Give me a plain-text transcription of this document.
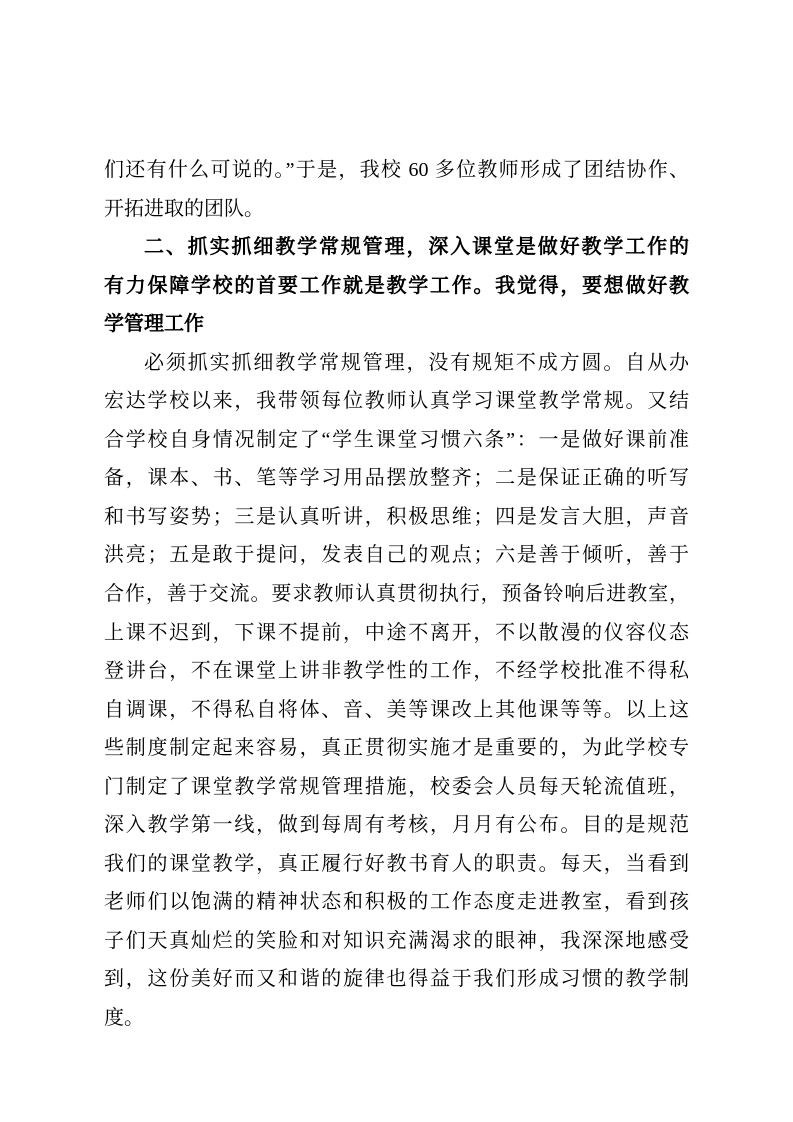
们还有什么可说的。”于是，我校 60 多位教师形成了团结协作、
开拓进取的团队。
二、抓实抓细教学常规管理，深入课堂是做好教学工作的
有力保障学校的首要工作就是教学工作。我觉得，要想做好教
学管理工作
必须抓实抓细教学常规管理，没有规矩不成方圆。自从办
宏达学校以来，我带领每位教师认真学习课堂教学常规。又结
合学校自身情况制定了“学生课堂习惯六条”：一是做好课前准
备，课本、书、笔等学习用品摆放整齐；二是保证正确的听写
和书写姿势；三是认真听讲，积极思维；四是发言大胆，声音
洪亮；五是敢于提问，发表自己的观点；六是善于倾听，善于
合作，善于交流。要求教师认真贯彻执行，预备铃响后进教室，
上课不迟到，下课不提前，中途不离开，不以散漫的仪容仪态
登讲台，不在课堂上讲非教学性的工作，不经学校批准不得私
自调课，不得私自将体、音、美等课改上其他课等等。以上这
些制度制定起来容易，真正贯彻实施才是重要的，为此学校专
门制定了课堂教学常规管理措施，校委会人员每天轮流值班，
深入教学第一线，做到每周有考核，月月有公布。目的是规范
我们的课堂教学，真正履行好教书育人的职责。每天，当看到
老师们以饱满的精神状态和积极的工作态度走进教室，看到孩
子们天真灿烂的笑脸和对知识充满渴求的眼神，我深深地感受
到，这份美好而又和谐的旋律也得益于我们形成习惯的教学制
度。
